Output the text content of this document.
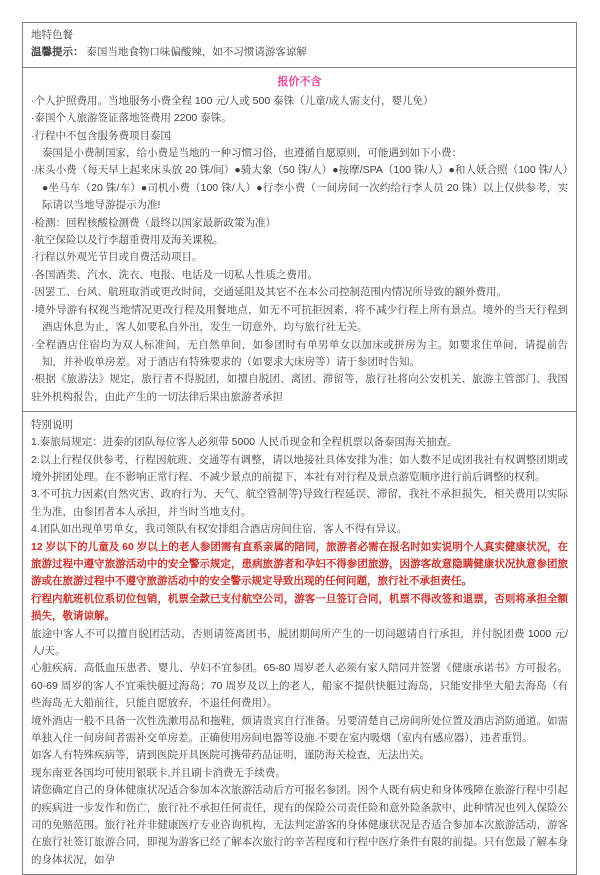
地特色餐
温馨提示： 泰国当地食物口味偏酸辣，如不习惯请游客谅解
报价不含

·个人护照费用。当地服务小费全程 100 元/人或 500 泰铢（儿童/成人需支付，婴儿免）

·泰国个人旅游签证落地签费用 2200 泰铢。

·行程中不包含服务费项目泰国

泰国是小费制国家，给小费是当地的一种习惯习俗，也遵循自愿原则，可能遇到如下小费：

·床头小费（每天早上起来床头放 20 铢/间）●骑大象（50 铢/人）●按摩/SPA（100 铢/人）●和人妖合照（100 铢/人）●坐马车（20 铢/车）●司机小费（100 铢/人）●行李小费（一间房间一次约给行李人员 20 铢）以上仅供参考，实际请以当地导游提示为准!

·检测：回程核酸检测费（最终以国家最新政策为准）

·航空保险以及行李超重费用及海关课税。

·行程以外观光节目或自费活动项目。

·各国酒类、汽水、洗衣、电报、电话及一切私人性质之费用。

·因罢工、台风、航班取消或更改时间，交通延阻及其它不在本公司控制范围内情况所导致的额外费用。

·境外导游有权视当地情况更改行程及用餐地点，如无不可抗拒因素，将不减少行程上所有景点。境外的当天行程到酒店休息为止，客人如要私自外出，发生一切意外，均与旅行社无关。

·全程酒店住宿均为双人标准间，无自然单间，如参团时有单男单女以加床或拼房为主。如要求住单间，请提前告知，并补收单房差。对于酒店有特殊要求的（如要求大床房等）请于参团时告知。

·根据《旅游法》规定，旅行者不得脱团，如擅自脱团、离团、滞留等，旅行社将向公安机关、旅游主管部门、我国驻外机构报告，由此产生的一切法律后果由旅游者承担

特别说明

1.泰旅局规定：进泰的团队每位客人必须带 5000 人民币现金和全程机票以备泰国海关抽查。

2.以上行程仅供参考，行程因航班、交通等有调整，请以地接社具体安排为准；如人数不足成团我社有权调整团期或境外拼团处理。在不影响正常行程、不减少景点的前提下，本社有对行程及景点游览顺序进行前后调整的权利。

3.不可抗力因素(自然灾害、政府行为、天气、航空管制等)导致行程延误、滞留，我社不承担损失，相关费用以实际生为准，由参团者本人承担，并当时当地支付。

4.团队如出现单男单女，我司领队有权安排组合酒店房间住宿，客人不得有异议。

12 岁以下的儿童及 60 岁以上的老人参团需有直系亲属的陪同，旅游者必需在报名时如实说明个人真实健康状况，在旅游过程中遵守旅游活动中的安全警示规定，患病旅游者和孕妇不得参团旅游，因游客故意隐瞒健康状况执意参团旅游或在旅游过程中不遵守旅游活动中的安全警示规定导致出现的任何问题，旅行社不承担责任。

行程内航班机位系切位包销，机票全款已支付航空公司，游客一旦签订合同，机票不得改签和退票，否则将承担全额损失，敬请谅解。

旅途中客人不可以擅自脱团活动，否则请签离团书，脱团期间所产生的一切问题请自行承担，并付脱团费 1000 元/人/天。

心脏疾病、高低血压患者、婴儿、孕妇不宜参团。65-80 周岁老人必须有家人陪同并签署《健康承诺书》方可报名。60-69 周岁的客人不宜乘快艇过海岛；70 周岁及以上的老人，船家不提供快艇过海岛，只能安排坐大船去海岛（有些海岛无大船前往，只能自愿放弃，不退任何费用）。

境外酒店一般不具备一次性洗漱用品和拖鞋，烦请贵宾自行准备。另要清楚自己房间所处位置及酒店消防通道。如需单独入住一间房间者需补交单房差。正确使用房间电器等设施.不要在室内吸烟（室内有感应器），违者重罚。

如客人有特殊疾病等，请到医院开具医院可携带药品证明，谨防海关检查，无法出关。

现东南亚各国均可使用银联卡,并且刷卡消费无手续费。

请您确定自己的身体健康状况适合参加本次旅游活动后方可报名参团。因个人既有病史和身体残障在旅游行程中引起的疾病进一步发作和伤亡，旅行社不承担任何责任，现有的保险公司责任险和意外险条款中，此种情况也列入保险公司的免赔范围。旅行社并非健康医疗专业咨询机构，无法判定游客的身体健康状况是否适合参加本次旅游活动，游客在旅行社签订旅游合同，即视为游客已经了解本次旅行的辛苦程度和行程中医疗条件有限的前提。只有您最了解本身的身体状况，如孕
